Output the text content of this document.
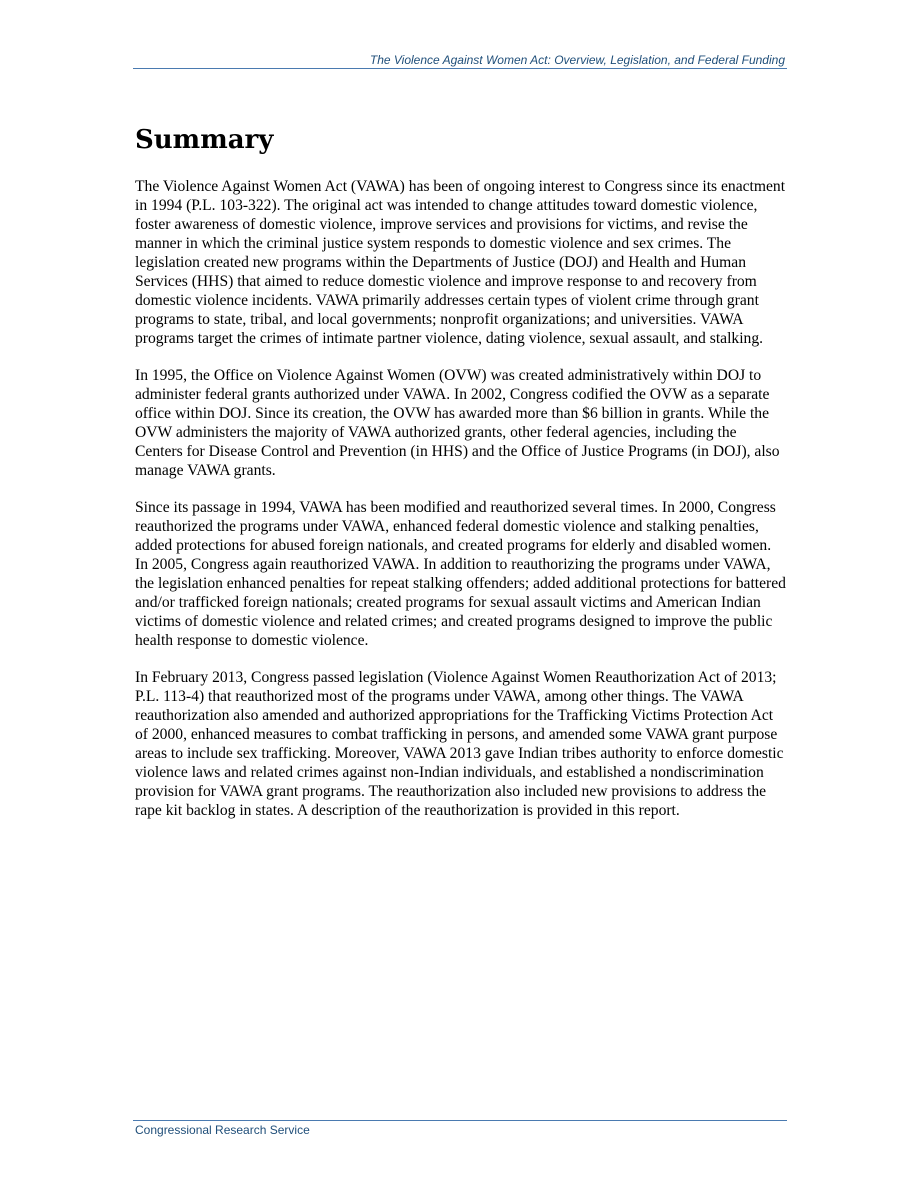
The Violence Against Women Act: Overview, Legislation, and Federal Funding
Summary

The Violence Against Women Act (VAWA) has been of ongoing interest to Congress since its enactment in 1994 (P.L. 103-322). The original act was intended to change attitudes toward domestic violence, foster awareness of domestic violence, improve services and provisions for victims, and revise the manner in which the criminal justice system responds to domestic violence and sex crimes. The legislation created new programs within the Departments of Justice (DOJ) and Health and Human Services (HHS) that aimed to reduce domestic violence and improve response to and recovery from domestic violence incidents. VAWA primarily addresses certain types of violent crime through grant programs to state, tribal, and local governments; nonprofit organizations; and universities. VAWA programs target the crimes of intimate partner violence, dating violence, sexual assault, and stalking.

In 1995, the Office on Violence Against Women (OVW) was created administratively within DOJ to administer federal grants authorized under VAWA. In 2002, Congress codified the OVW as a separate office within DOJ. Since its creation, the OVW has awarded more than $6 billion in grants. While the OVW administers the majority of VAWA authorized grants, other federal agencies, including the Centers for Disease Control and Prevention (in HHS) and the Office of Justice Programs (in DOJ), also manage VAWA grants.

Since its passage in 1994, VAWA has been modified and reauthorized several times. In 2000, Congress reauthorized the programs under VAWA, enhanced federal domestic violence and stalking penalties, added protections for abused foreign nationals, and created programs for elderly and disabled women. In 2005, Congress again reauthorized VAWA. In addition to reauthorizing the programs under VAWA, the legislation enhanced penalties for repeat stalking offenders; added additional protections for battered and/or trafficked foreign nationals; created programs for sexual assault victims and American Indian victims of domestic violence and related crimes; and created programs designed to improve the public health response to domestic violence.

In February 2013, Congress passed legislation (Violence Against Women Reauthorization Act of 2013; P.L. 113-4) that reauthorized most of the programs under VAWA, among other things. The VAWA reauthorization also amended and authorized appropriations for the Trafficking Victims Protection Act of 2000, enhanced measures to combat trafficking in persons, and amended some VAWA grant purpose areas to include sex trafficking. Moreover, VAWA 2013 gave Indian tribes authority to enforce domestic violence laws and related crimes against non-Indian individuals, and established a nondiscrimination provision for VAWA grant programs. The reauthorization also included new provisions to address the rape kit backlog in states. A description of the reauthorization is provided in this report.

Congressional Research Service
